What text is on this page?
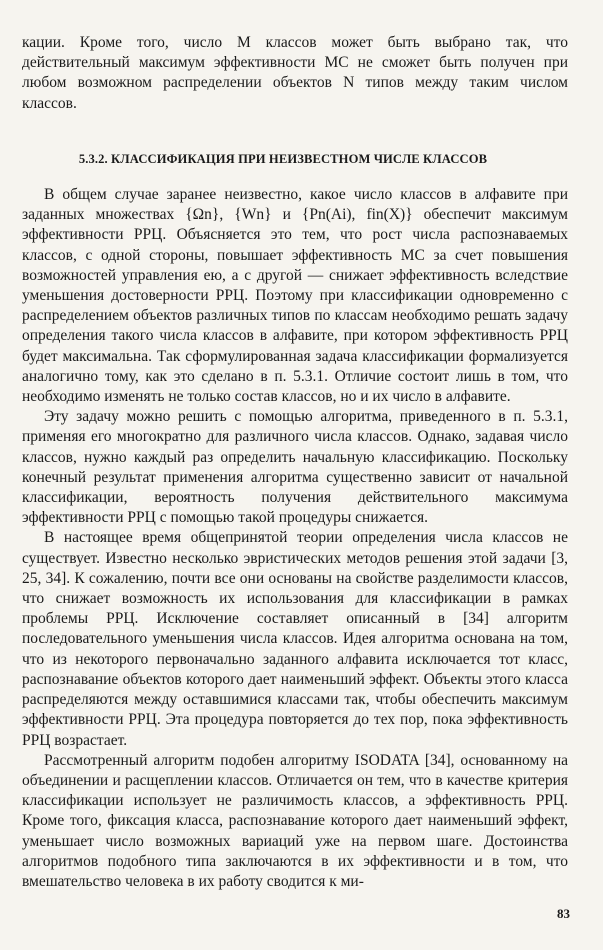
кации. Кроме того, число M классов может быть выбрано так, что действительный максимум эффективности МС не сможет быть получен при любом возможном распределении объектов N типов между таким числом классов.

5.3.2. КЛАССИФИКАЦИЯ ПРИ НЕИЗВЕСТНОМ ЧИСЛЕ КЛАССОВ

В общем случае заранее неизвестно, какое число классов в алфавите при заданных множествах {Ωn}, {Wn} и {Pn(Ai), fin(X)} обеспечит максимум эффективности РРЦ. Объясняется это тем, что рост числа распознаваемых классов, с одной стороны, повышает эффективность МС за счет повышения возможностей управления ею, а с другой — снижает эффективность вследствие уменьшения достоверности РРЦ. Поэтому при классификации одновременно с распределением объектов различных типов по классам необходимо решать задачу определения такого числа классов в алфавите, при котором эффективность РРЦ будет максимальна. Так сформулированная задача классификации формализуется аналогично тому, как это сделано в п. 5.3.1. Отличие состоит лишь в том, что необходимо изменять не только состав классов, но и их число в алфавите.

Эту задачу можно решить с помощью алгоритма, приведенного в п. 5.3.1, применяя его многократно для различного числа классов. Однако, задавая число классов, нужно каждый раз определить начальную классификацию. Поскольку конечный результат применения алгоритма существенно зависит от начальной классификации, вероятность получения действительного максимума эффективности РРЦ с помощью такой процедуры снижается.

В настоящее время общепринятой теории определения числа классов не существует. Известно несколько эвристических методов решения этой задачи [3, 25, 34]. К сожалению, почти все они основаны на свойстве разделимости классов, что снижает возможность их использования для классификации в рамках проблемы РРЦ. Исключение составляет описанный в [34] алгоритм последовательного уменьшения числа классов. Идея алгоритма основана на том, что из некоторого первоначально заданного алфавита исключается тот класс, распознавание объектов которого дает наименьший эффект. Объекты этого класса распределяются между оставшимися классами так, чтобы обеспечить максимум эффективности РРЦ. Эта процедура повторяется до тех пор, пока эффективность РРЦ возрастает.

Рассмотренный алгоритм подобен алгоритму ISODATA [34], основанному на объединении и расщеплении классов. Отличается он тем, что в качестве критерия классификации использует не различимость классов, а эффективность РРЦ. Кроме того, фиксация класса, распознавание которого дает наименьший эффект, уменьшает число возможных вариаций уже на первом шаге. Достоинства алгоритмов подобного типа заключаются в их эффективности и в том, что вмешательство человека в их работу сводится к ми-

83
